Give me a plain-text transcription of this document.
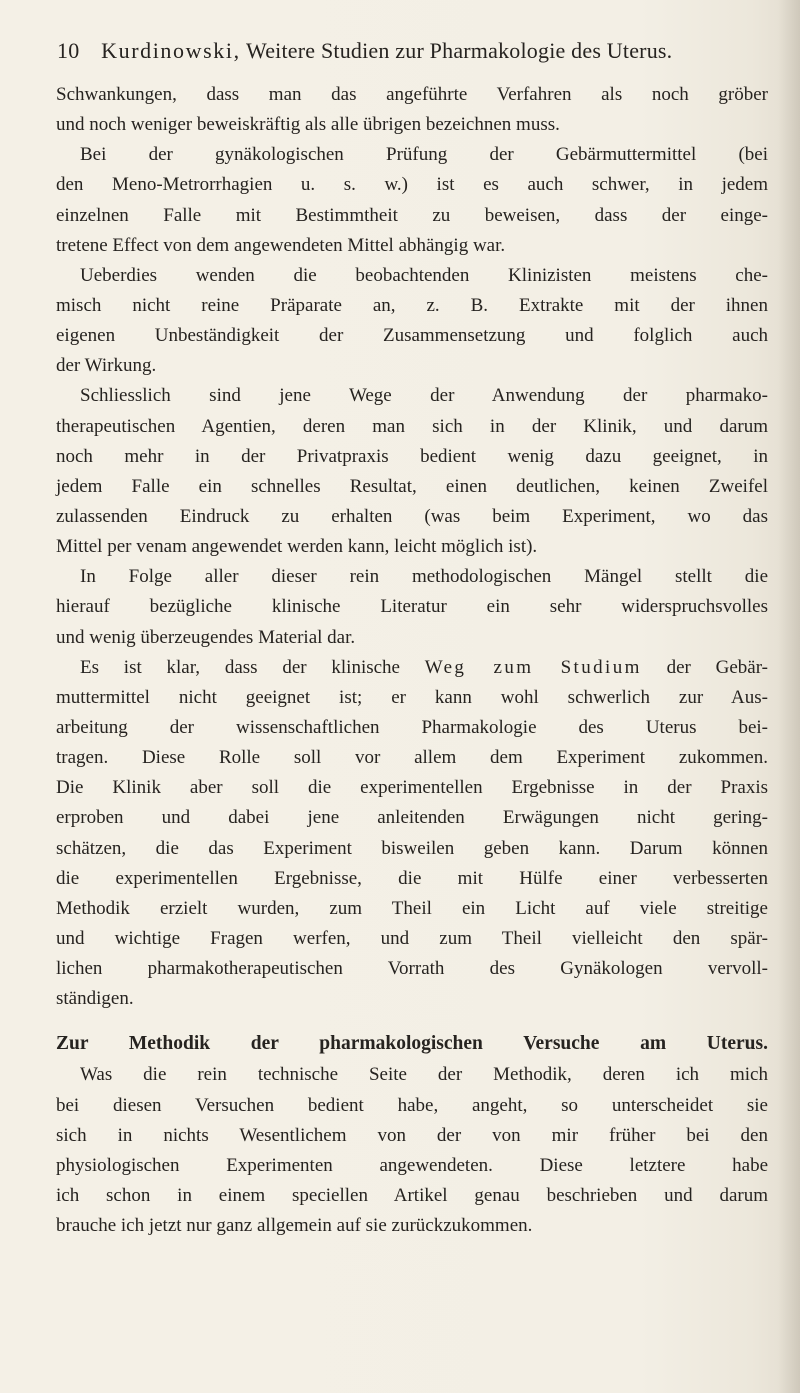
10 Kurdinowski, Weitere Studien zur Pharmakologie des Uterus.
Schwankungen, dass man das angeführte Verfahren als noch gröber
und noch weniger beweiskräftig als alle übrigen bezeichnen muss.
Bei der gynäkologischen Prüfung der Gebärmuttermittel (bei
den Meno-Metrorrhagien u. s. w.) ist es auch schwer, in jedem
einzelnen Falle mit Bestimmtheit zu beweisen, dass der einge-
tretene Effect von dem angewendeten Mittel abhängig war.
Ueberdies wenden die beobachtenden Klinizisten meistens che-
misch nicht reine Präparate an, z. B. Extrakte mit der ihnen
eigenen Unbeständigkeit der Zusammensetzung und folglich auch
der Wirkung.
Schliesslich sind jene Wege der Anwendung der pharmako-
therapeutischen Agentien, deren man sich in der Klinik, und darum
noch mehr in der Privatpraxis bedient wenig dazu geeignet, in
jedem Falle ein schnelles Resultat, einen deutlichen, keinen Zweifel
zulassenden Eindruck zu erhalten (was beim Experiment, wo das
Mittel per venam angewendet werden kann, leicht möglich ist).
In Folge aller dieser rein methodologischen Mängel stellt die
hierauf bezügliche klinische Literatur ein sehr widerspruchsvolles
und wenig überzeugendes Material dar.
Es ist klar, dass der klinische Weg zum Studium der Gebär-
muttermittel nicht geeignet ist; er kann wohl schwerlich zur Aus-
arbeitung der wissenschaftlichen Pharmakologie des Uterus bei-
tragen. Diese Rolle soll vor allem dem Experiment zukommen.
Die Klinik aber soll die experimentellen Ergebnisse in der Praxis
erproben und dabei jene anleitenden Erwägungen nicht gering-
schätzen, die das Experiment bisweilen geben kann. Darum können
die experimentellen Ergebnisse, die mit Hülfe einer verbesserten
Methodik erzielt wurden, zum Theil ein Licht auf viele streitige
und wichtige Fragen werfen, und zum Theil vielleicht den spär-
lichen pharmakotherapeutischen Vorrath des Gynäkologen vervoll-
ständigen.
Zur Methodik der pharmakologischen Versuche am Uterus.
Was die rein technische Seite der Methodik, deren ich mich
bei diesen Versuchen bedient habe, angeht, so unterscheidet sie
sich in nichts Wesentlichem von der von mir früher bei den
physiologischen Experimenten angewendeten. Diese letztere habe
ich schon in einem speciellen Artikel genau beschrieben und darum
brauche ich jetzt nur ganz allgemein auf sie zurückzukommen.
